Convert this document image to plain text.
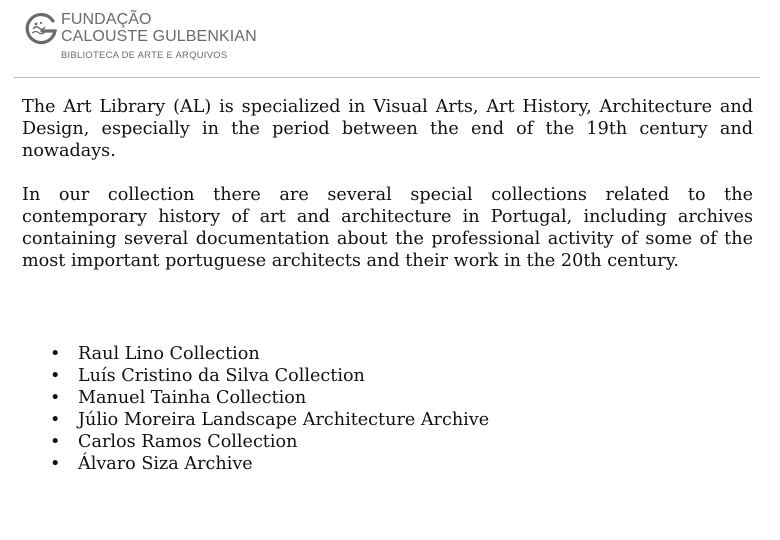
FUNDAÇÃO
CALOUSTE GULBENKIAN
BIBLIOTECA DE ARTE E ARQUIVOS

The Art Library (AL) is specialized in Visual Arts, Art History, Architecture and Design, especially in the period between the end of the 19th century and nowadays.

In our collection there are several special collections related to the contemporary history of art and architecture in Portugal, including archives containing several documentation about the professional activity of some of the most important portuguese architects and their work in the 20th century.

• Raul Lino Collection
• Luís Cristino da Silva Collection
• Manuel Tainha Collection
• Júlio Moreira Landscape Architecture Archive
• Carlos Ramos Collection
• Álvaro Siza Archive
